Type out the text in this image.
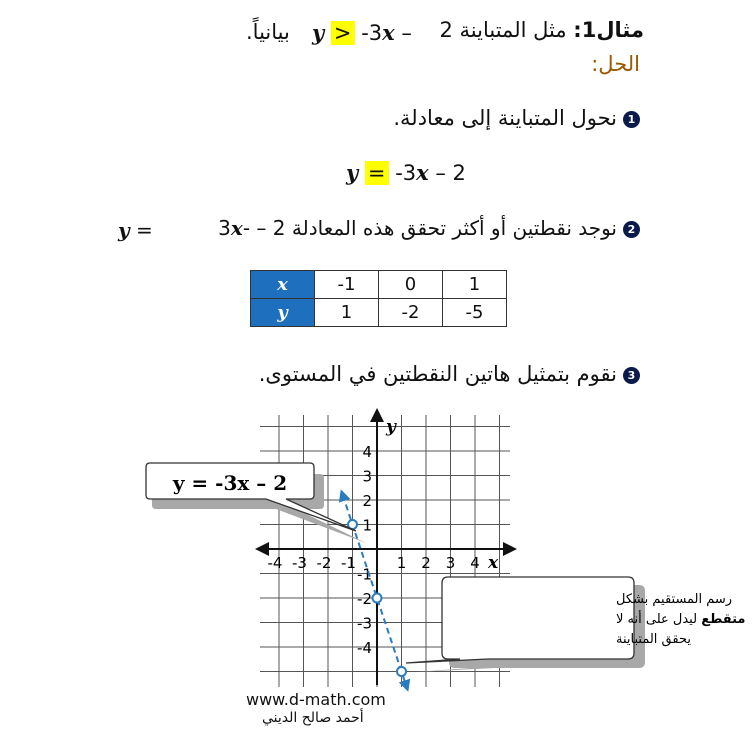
مثال1: مثل المتباينة 2
y > -3x –
بيانياً.
الحل:
1نحول المتباينة إلى معادلة.
y = -3x – 2
2نوجد نقطتين أو أكثر تحقق هذه المعادلة 2 – -3x
y =
x	-1	0	1
y	1	-2	-5
3نقوم بتمثيل هاتين النقطتين في المستوى.
-4 -3 -2 -1	1 2 3 4
4
3
2
1
-1
-2
-3
-4
x
y
y = -3x – 2
رسم المستقيم بشكل
متقطع ليدل على أنه لا
يحقق المتباينة
www.d-math.com
أحمد صالح الديني
